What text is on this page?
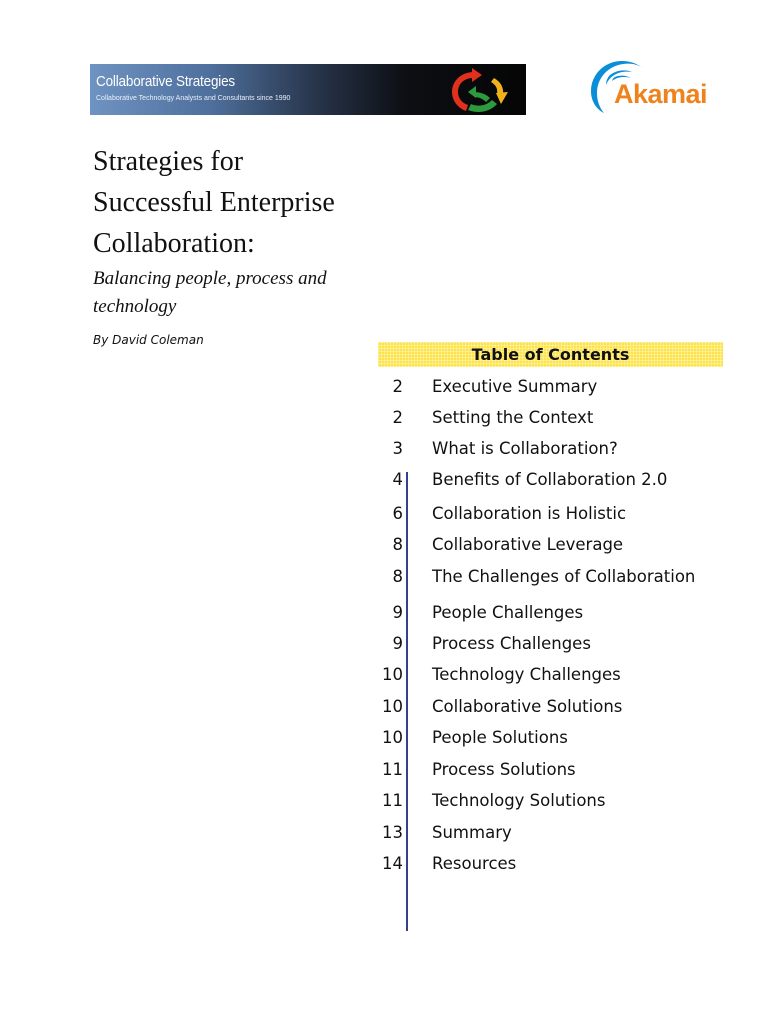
Collaborative Strategies
Collaborative Technology Analysts and Consultants since 1990	Akamai
Strategies for
Successful Enterprise
Collaboration:
Balancing people, process and
technology
By David Coleman
Table of Contents
2 Executive Summary
2 Setting the Context
3 What is Collaboration?
4 Benefits of Collaboration 2.0
6 Collaboration is Holistic
8 Collaborative Leverage
8 The Challenges of Collaboration
9 People Challenges
9 Process Challenges
10 Technology Challenges
10 Collaborative Solutions
10 People Solutions
11 Process Solutions
11 Technology Solutions
13 Summary
14 Resources
